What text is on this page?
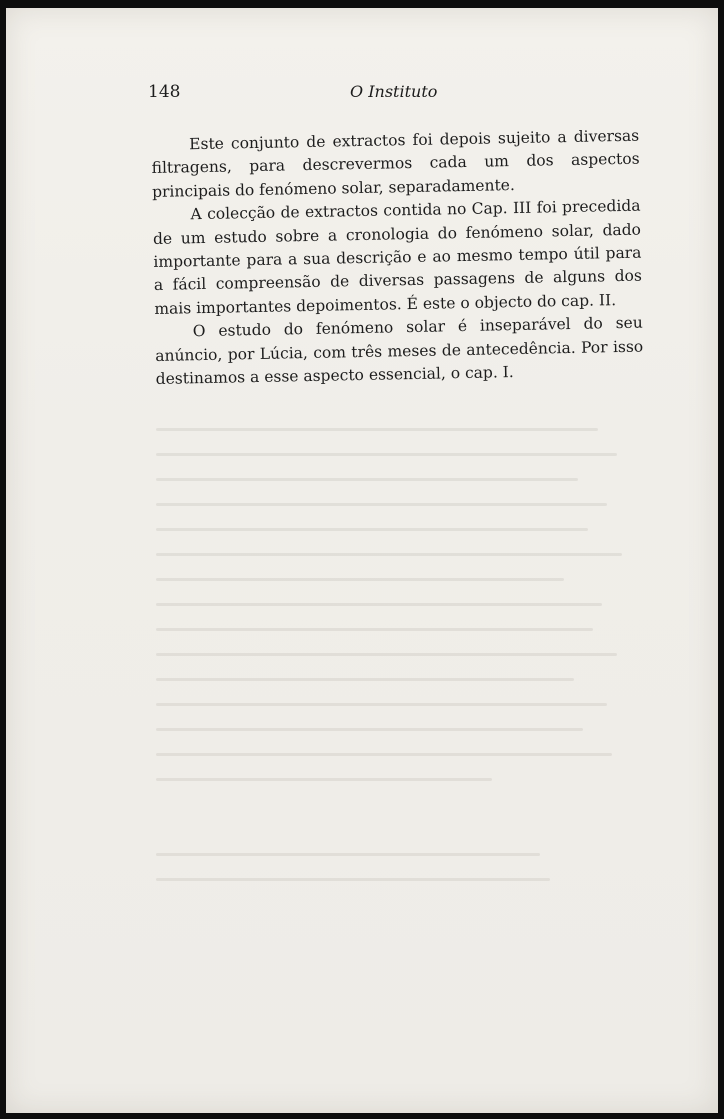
148	O Instituto

Este conjunto de extractos foi depois sujeito a diversas filtragens, para descrevermos cada um dos aspectos principais do fenómeno solar, separadamente.

A colecção de extractos contida no Cap. III foi precedida de um estudo sobre a cronologia do fenómeno solar, dado importante para a sua descrição e ao mesmo tempo útil para a fácil compreensão de diversas passagens de alguns dos mais importantes depoimentos. É este o objecto do cap. II.

O estudo do fenómeno solar é inseparável do seu anúncio, por Lúcia, com três meses de antecedência. Por isso destinamos a esse aspecto essencial, o cap. I.
